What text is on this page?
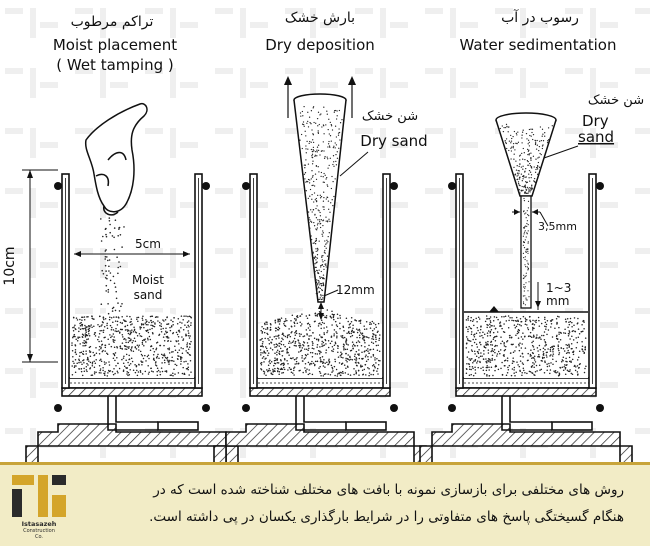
تراکم مرطوب
Moist placement
( Wet tamping )
5cm
Moist
sand
10cm
بارش خشک
Dry deposition
شن خشک
Dry sand
12mm
رسوب در آب
Water sedimentation
شن خشک
Dry
sand
3,5mm
1~3
mm
Istasazeh
Construction
Co.
روش های مختلفی برای بازسازی نمونه با بافت های مختلف شناخته شده است که در
هنگام گسیختگی پاسخ های متفاوتی را در شرایط بارگذاری یکسان در پی داشته است.
